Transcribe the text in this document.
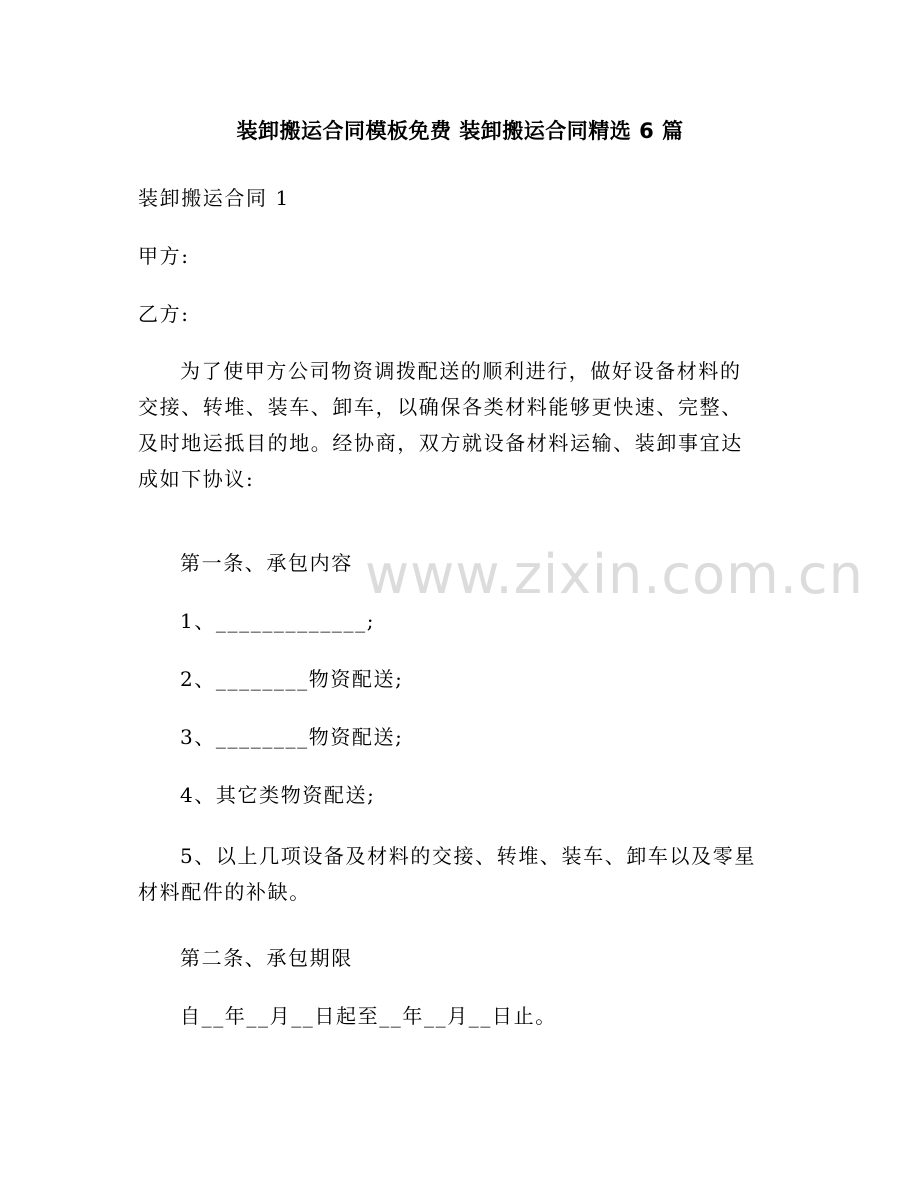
www.zixin.com.cn
装卸搬运合同模板免费 装卸搬运合同精选 6 篇
装卸搬运合同 1
甲方:
乙方:
为了使甲方公司物资调拨配送的顺利进行，做好设备材料的
交接、转堆、装车、卸车，以确保各类材料能够更快速、完整、
及时地运抵目的地。经协商，双方就设备材料运输、装卸事宜达
成如下协议:
第一条、承包内容
1、_____________;
2、________物资配送;
3、________物资配送;
4、其它类物资配送;
5、以上几项设备及材料的交接、转堆、装车、卸车以及零星
材料配件的补缺。
第二条、承包期限
自__年__月__日起至__年__月__日止。
